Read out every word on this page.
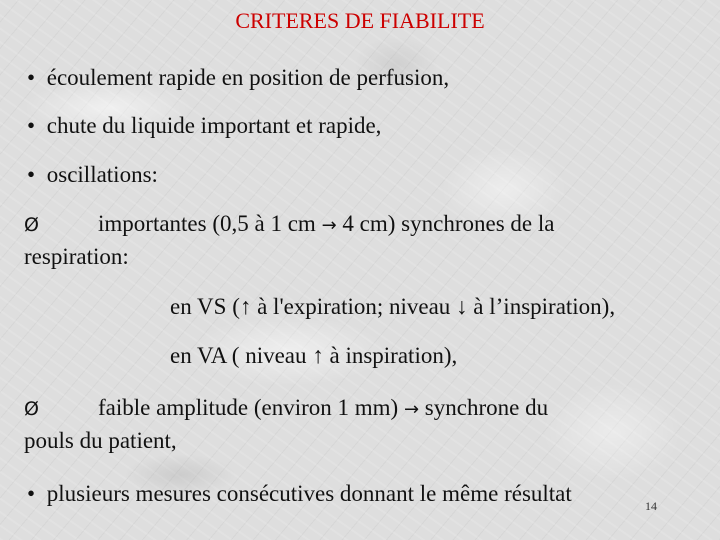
CRITERES DE FIABILITE
• écoulement rapide en position de perfusion,
• chute du liquide important et rapide,
• oscillations:
Ø	importantes (0,5 à 1 cm → 4 cm) synchrones de la
respiration:
en VS (↑ à l'expiration; niveau ↓ à l’inspiration),
en VA ( niveau ↑ à inspiration),
Ø	faible amplitude (environ 1 mm) → synchrone du
pouls du patient,
• plusieurs mesures consécutives donnant le même résultat	14
